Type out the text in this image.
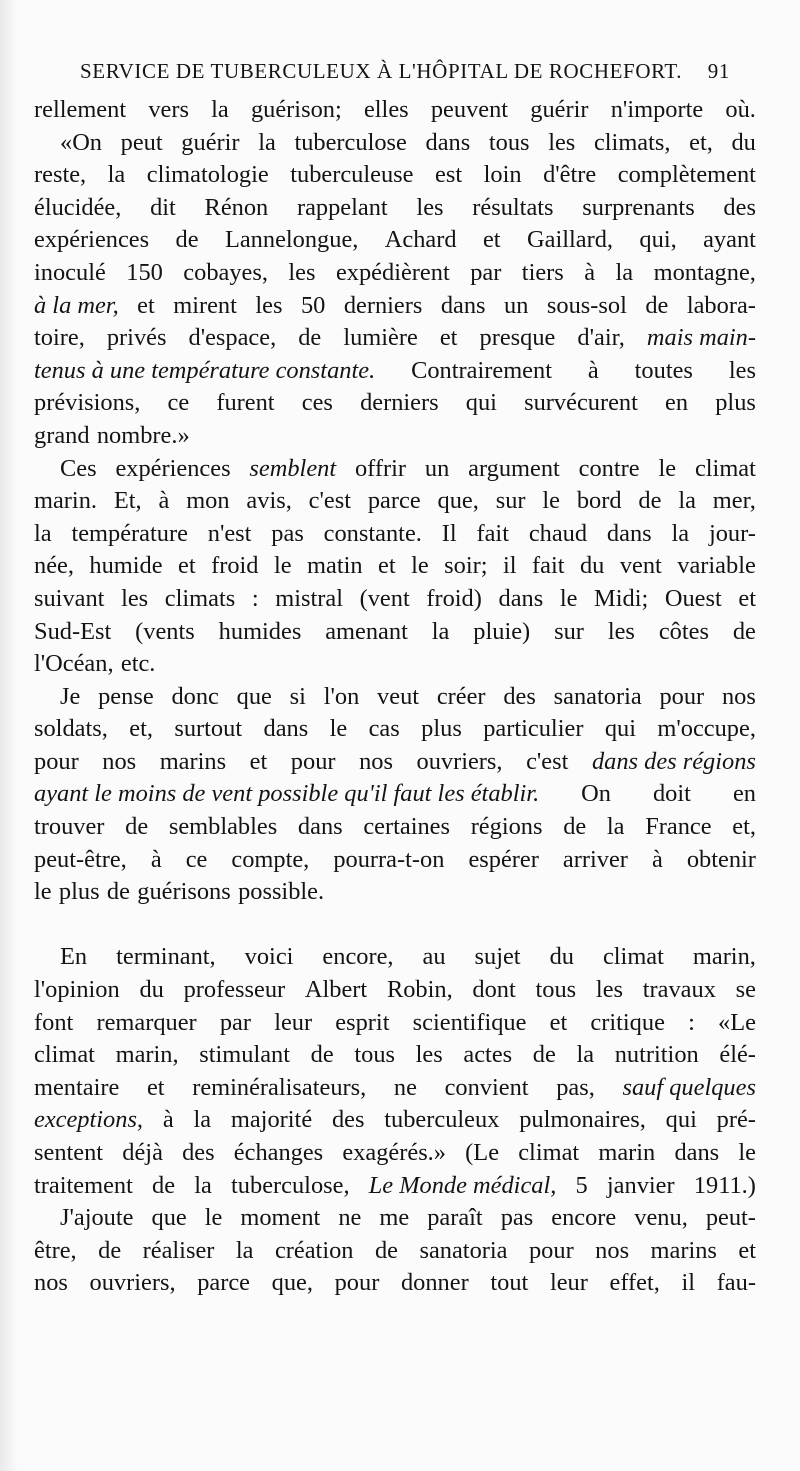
SERVICE DE TUBERCULEUX À L'HÔPITAL DE ROCHEFORT. 91
rellement vers la guérison; elles peuvent guérir n'importe où.
«On peut guérir la tuberculose dans tous les climats, et, du
reste, la climatologie tuberculeuse est loin d'être complètement
élucidée, dit Rénon rappelant les résultats surprenants des
expériences de Lannelongue, Achard et Gaillard, qui, ayant
inoculé 150 cobayes, les expédièrent par tiers à la montagne,
à la mer, et mirent les 50 derniers dans un sous-sol de labora-
toire, privés d'espace, de lumière et presque d'air, mais main-
tenus à une température constante. Contrairement à toutes les
prévisions, ce furent ces derniers qui survécurent en plus
grand nombre.»
Ces expériences semblent offrir un argument contre le climat
marin. Et, à mon avis, c'est parce que, sur le bord de la mer,
la température n'est pas constante. Il fait chaud dans la jour-
née, humide et froid le matin et le soir; il fait du vent variable
suivant les climats : mistral (vent froid) dans le Midi; Ouest et
Sud-Est (vents humides amenant la pluie) sur les côtes de
l'Océan, etc.
Je pense donc que si l'on veut créer des sanatoria pour nos
soldats, et, surtout dans le cas plus particulier qui m'occupe,
pour nos marins et pour nos ouvriers, c'est dans des régions
ayant le moins de vent possible qu'il faut les établir. On doit en
trouver de semblables dans certaines régions de la France et,
peut-être, à ce compte, pourra-t-on espérer arriver à obtenir
le plus de guérisons possible.
En terminant, voici encore, au sujet du climat marin,
l'opinion du professeur Albert Robin, dont tous les travaux se
font remarquer par leur esprit scientifique et critique : «Le
climat marin, stimulant de tous les actes de la nutrition élé-
mentaire et reminéralisateurs, ne convient pas, sauf quelques
exceptions, à la majorité des tuberculeux pulmonaires, qui pré-
sentent déjà des échanges exagérés.» (Le climat marin dans le
traitement de la tuberculose, Le Monde médical, 5 janvier 1911.)
J'ajoute que le moment ne me paraît pas encore venu, peut-
être, de réaliser la création de sanatoria pour nos marins et
nos ouvriers, parce que, pour donner tout leur effet, il fau-
